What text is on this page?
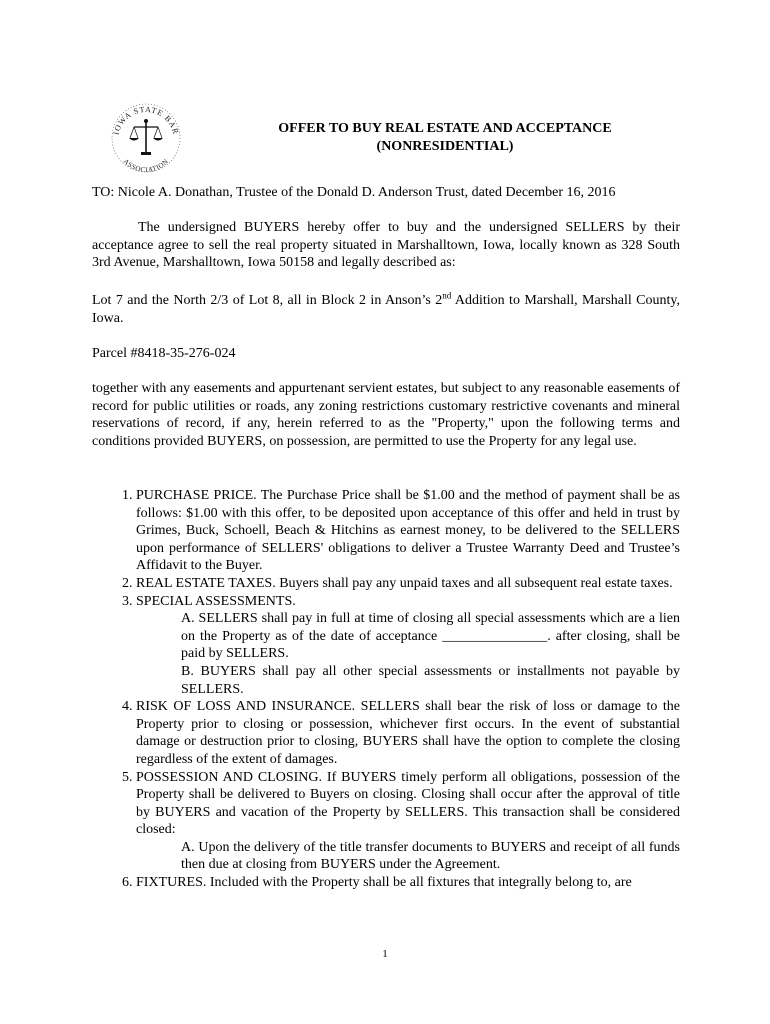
IOWA STATE BAR
ASSOCIATION
OFFER TO BUY REAL ESTATE AND ACCEPTANCE
(NONRESIDENTIAL)
TO: Nicole A. Donathan, Trustee of the Donald D. Anderson Trust, dated December 16, 2016
The undersigned BUYERS hereby offer to buy and the undersigned SELLERS by their acceptance agree to sell the real property situated in Marshalltown, Iowa, locally known as 328 South 3rd Avenue, Marshalltown, Iowa 50158 and legally described as:
Lot 7 and the North 2/3 of Lot 8, all in Block 2 in Anson’s 2nd Addition to Marshall, Marshall County, Iowa.
Parcel #8418-35-276-024
together with any easements and appurtenant servient estates, but subject to any reasonable easements of record for public utilities or roads, any zoning restrictions customary restrictive covenants and mineral reservations of record, if any, herein referred to as the "Property," upon the following terms and conditions provided BUYERS, on possession, are permitted to use the Property for any legal use.
1. PURCHASE PRICE. The Purchase Price shall be $1.00 and the method of payment shall be as follows: $1.00 with this offer, to be deposited upon acceptance of this offer and held in trust by Grimes, Buck, Schoell, Beach & Hitchins as earnest money, to be delivered to the SELLERS upon performance of SELLERS' obligations to deliver a Trustee Warranty Deed and Trustee’s Affidavit to the Buyer.
2. REAL ESTATE TAXES. Buyers shall pay any unpaid taxes and all subsequent real estate taxes.
3. SPECIAL ASSESSMENTS.
A. SELLERS shall pay in full at time of closing all special assessments which are a lien on the Property as of the date of acceptance _______________. after closing, shall be paid by SELLERS.
B. BUYERS shall pay all other special assessments or installments not payable by SELLERS.
4. RISK OF LOSS AND INSURANCE. SELLERS shall bear the risk of loss or damage to the Property prior to closing or possession, whichever first occurs. In the event of substantial damage or destruction prior to closing, BUYERS shall have the option to complete the closing regardless of the extent of damages.
5. POSSESSION AND CLOSING. If BUYERS timely perform all obligations, possession of the Property shall be delivered to Buyers on closing. Closing shall occur after the approval of title by BUYERS and vacation of the Property by SELLERS. This transaction shall be considered closed:
A. Upon the delivery of the title transfer documents to BUYERS and receipt of all funds then due at closing from BUYERS under the Agreement.
6. FIXTURES. Included with the Property shall be all fixtures that integrally belong to, are
1
